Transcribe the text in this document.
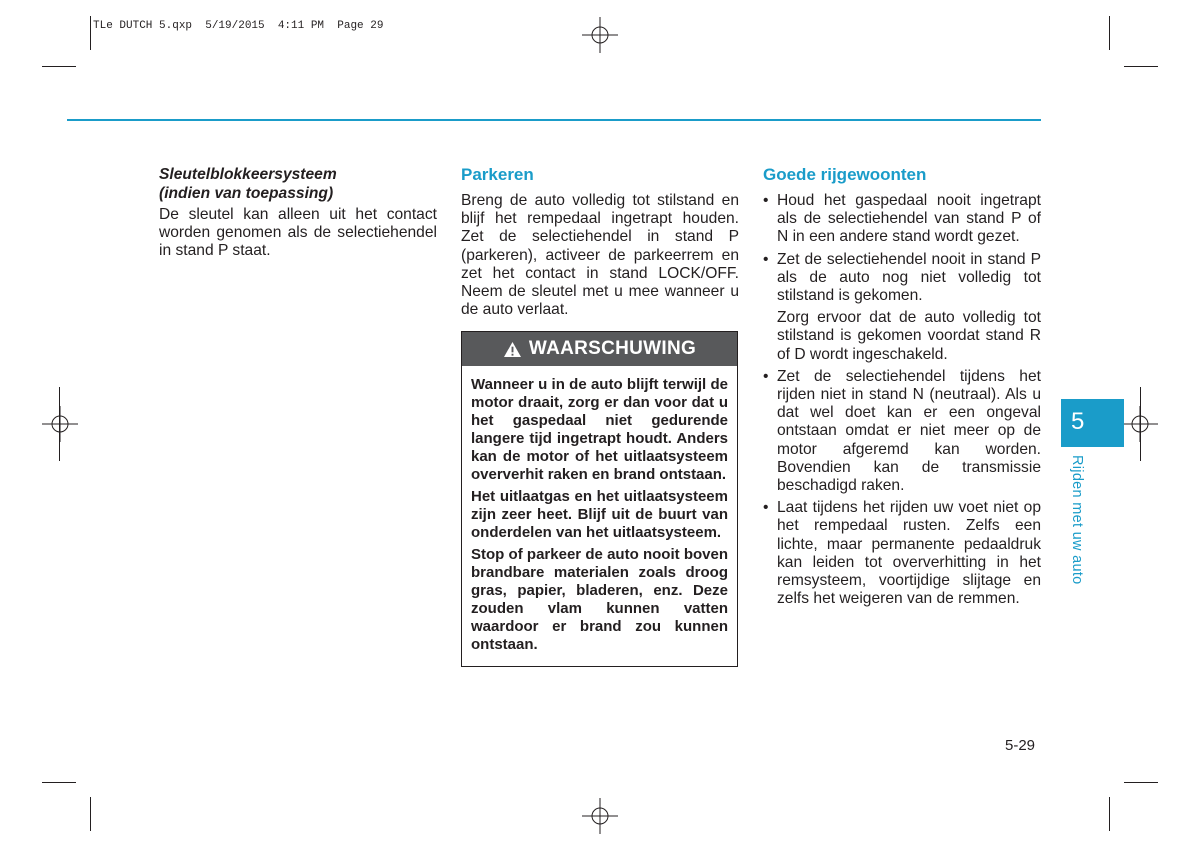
TLe DUTCH 5.qxp  5/19/2015  4:11 PM  Page 29
Sleutelblokkeersysteem
(indien van toepassing)

De sleutel kan alleen uit het contact worden genomen als de selectiehendel in stand P staat.

Parkeren

Breng de auto volledig tot stilstand en blijf het rempedaal ingetrapt houden. Zet de selectiehendel in stand P (parkeren), activeer de parkeerrem en zet het contact in stand LOCK/OFF. Neem de sleutel met u mee wanneer u de auto verlaat.

WAARSCHUWING

Wanneer u in de auto blijft terwijl de motor draait, zorg er dan voor dat u het gaspedaal niet gedurende langere tijd ingetrapt houdt. Anders kan de motor of het uitlaatsysteem oververhit raken en brand ontstaan.

Het uitlaatgas en het uitlaatsysteem zijn zeer heet. Blijf uit de buurt van onderdelen van het uitlaatsysteem.

Stop of parkeer de auto nooit boven brandbare materialen zoals droog gras, papier, bladeren, enz. Deze zouden vlam kunnen vatten waardoor er brand zou kunnen ontstaan.

Goede rijgewoonten
• Houd het gaspedaal nooit ingetrapt als de selectiehendel van stand P of N in een andere stand wordt gezet.
• Zet de selectiehendel nooit in stand P als de auto nog niet volledig tot stilstand is gekomen.
Zorg ervoor dat de auto volledig tot stilstand is gekomen voordat stand R of D wordt ingeschakeld.
• Zet de selectiehendel tijdens het rijden niet in stand N (neutraal). Als u dat wel doet kan er een ongeval ontstaan omdat er niet meer op de motor afgeremd kan worden. Bovendien kan de transmissie beschadigd raken.
• Laat tijdens het rijden uw voet niet op het rempedaal rusten. Zelfs een lichte, maar permanente pedaaldruk kan leiden tot oververhitting in het remsysteem, voortijdige slijtage en zelfs het weigeren van de remmen.
5
Rijden met uw auto
5-29
